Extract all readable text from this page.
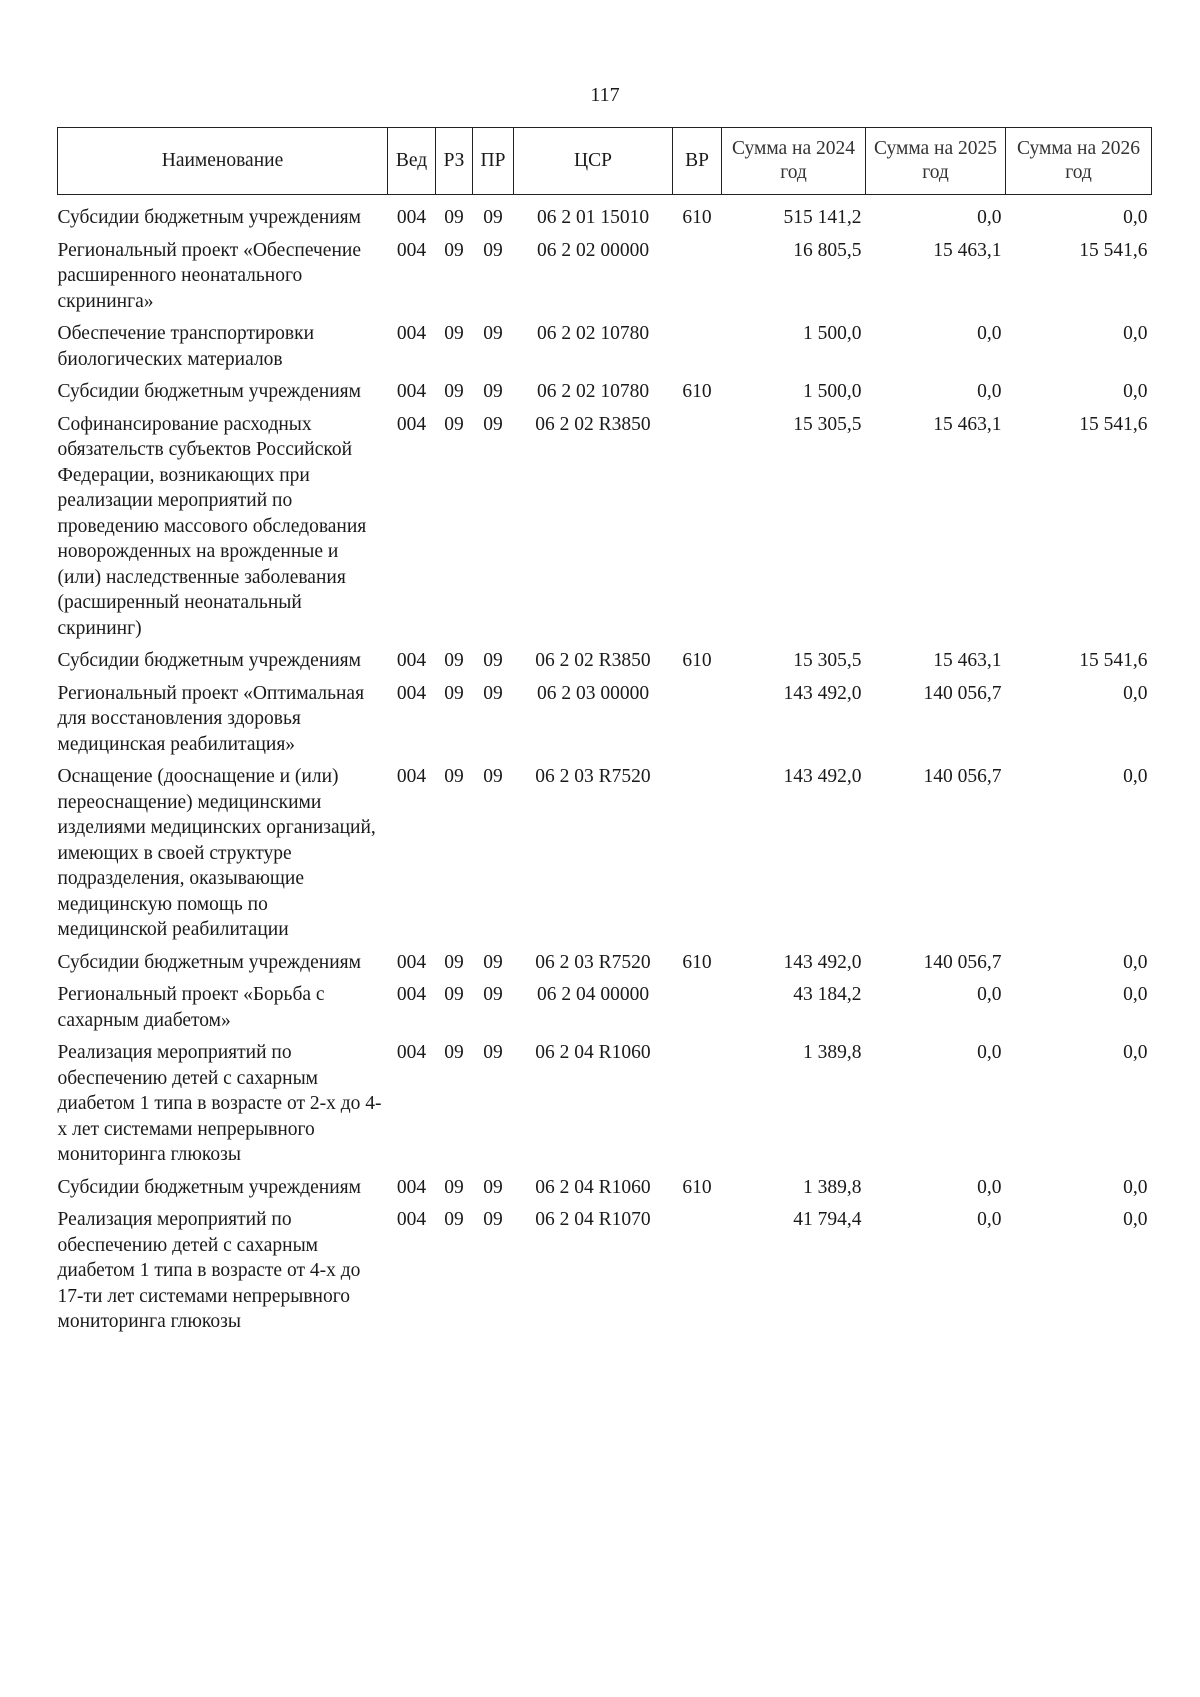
117
Наименование	Вед	РЗ	ПР	ЦСР	ВР	Сумма на 2024 год	Сумма на 2025 год	Сумма на 2026 год
Субсидии бюджетным учреждениям	004	09	09	06 2 01 15010	610	515 141,2	0,0	0,0
Региональный проект «Обеспечение расширенного неонатального скрининга»	004	09	09	06 2 02 00000		16 805,5	15 463,1	15 541,6
Обеспечение транспортировки биологических материалов	004	09	09	06 2 02 10780		1 500,0	0,0	0,0
Субсидии бюджетным учреждениям	004	09	09	06 2 02 10780	610	1 500,0	0,0	0,0
Софинансирование расходных обязательств субъектов Российской Федерации, возникающих при реализации мероприятий по проведению массового обследования новорожденных на врожденные и (или) наследственные заболевания (расширенный неонатальный скрининг)	004	09	09	06 2 02 R3850		15 305,5	15 463,1	15 541,6
Субсидии бюджетным учреждениям	004	09	09	06 2 02 R3850	610	15 305,5	15 463,1	15 541,6
Региональный проект «Оптимальная для восстановления здоровья медицинская реабилитация»	004	09	09	06 2 03 00000		143 492,0	140 056,7	0,0
Оснащение (дооснащение и (или) переоснащение) медицинскими изделиями медицинских организаций, имеющих в своей структуре подразделения, оказывающие медицинскую помощь по медицинской реабилитации	004	09	09	06 2 03 R7520		143 492,0	140 056,7	0,0
Субсидии бюджетным учреждениям	004	09	09	06 2 03 R7520	610	143 492,0	140 056,7	0,0
Региональный проект «Борьба с сахарным диабетом»	004	09	09	06 2 04 00000		43 184,2	0,0	0,0
Реализация мероприятий по обеспечению детей с сахарным диабетом 1 типа в возрасте от 2-х до 4-х лет системами непрерывного мониторинга глюкозы	004	09	09	06 2 04 R1060		1 389,8	0,0	0,0
Субсидии бюджетным учреждениям	004	09	09	06 2 04 R1060	610	1 389,8	0,0	0,0
Реализация мероприятий по обеспечению детей с сахарным диабетом 1 типа в возрасте от 4-х до 17-ти лет системами непрерывного мониторинга глюкозы	004	09	09	06 2 04 R1070		41 794,4	0,0	0,0
